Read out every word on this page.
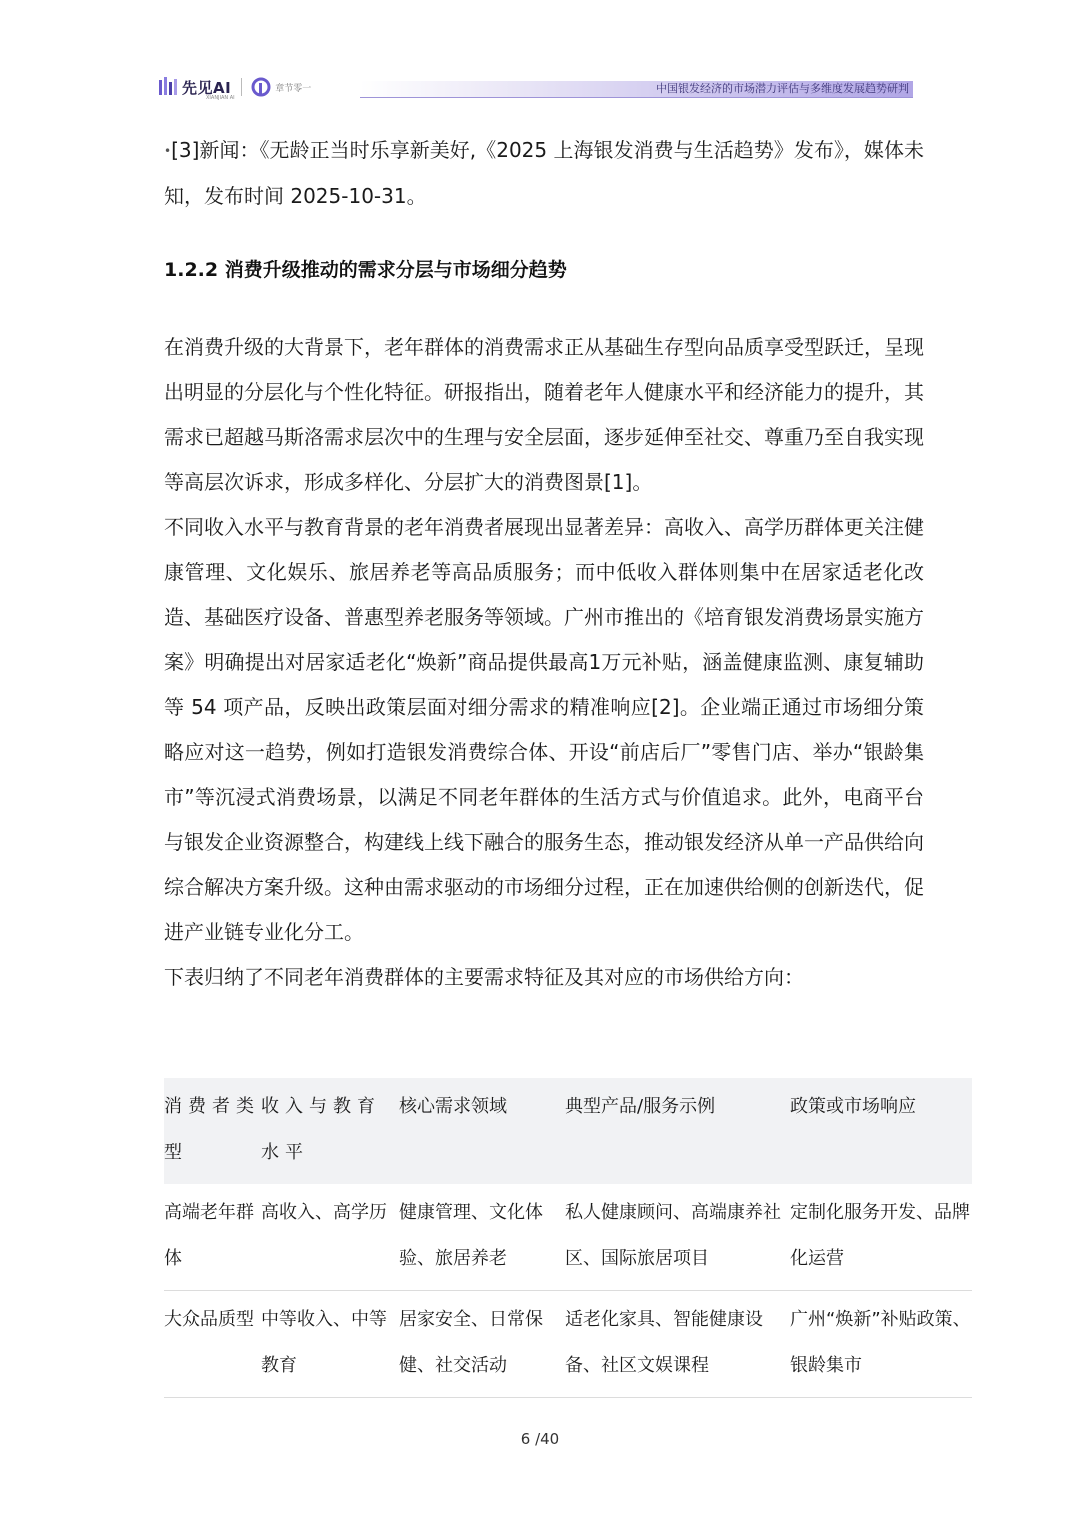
先见AI
XIANJIAN AI
章节零一	中国银发经济的市场潜力评估与多维度发展趋势研判

•[3]新闻：《无龄正当时乐享新美好,《2025 上海银发消费与生活趋势》发布》，媒体未知，发布时间 2025-10-31。

1.2.2 消费升级推动的需求分层与市场细分趋势

在消费升级的大背景下，老年群体的消费需求正从基础生存型向品质享受型跃迁，呈现出明显的分层化与个性化特征。研报指出，随着老年人健康水平和经济能力的提升，其需求已超越马斯洛需求层次中的生理与安全层面，逐步延伸至社交、尊重乃至自我实现等高层次诉求，形成多样化、分层扩大的消费图景[1]。

不同收入水平与教育背景的老年消费者展现出显著差异：高收入、高学历群体更关注健康管理、文化娱乐、旅居养老等高品质服务；而中低收入群体则集中在居家适老化改造、基础医疗设备、普惠型养老服务等领域。广州市推出的《培育银发消费场景实施方案》明确提出对居家适老化“焕新”商品提供最高1万元补贴，涵盖健康监测、康复辅助等 54 项产品，反映出政策层面对细分需求的精准响应[2]。企业端正通过市场细分策略应对这一趋势，例如打造银发消费综合体、开设“前店后厂”零售门店、举办“银龄集市”等沉浸式消费场景，以满足不同老年群体的生活方式与价值追求。此外，电商平台与银发企业资源整合，构建线上线下融合的服务生态，推动银发经济从单一产品供给向综合解决方案升级。这种由需求驱动的市场细分过程，正在加速供给侧的创新迭代，促进产业链专业化分工。

下表归纳了不同老年消费群体的主要需求特征及其对应的市场供给方向：

消费者类型	收入与教育水平	核心需求领域	典型产品/服务示例	政策或市场响应
高端老年群体	高收入、高学历	健康管理、文化体验、旅居养老	私人健康顾问、高端康养社区、国际旅居项目	定制化服务开发、品牌化运营
大众品质型	中等收入、中等教育	居家安全、日常保健、社交活动	适老化家具、智能健康设备、社区文娱课程	广州“焕新”补贴政策、银龄集市
6 /40
